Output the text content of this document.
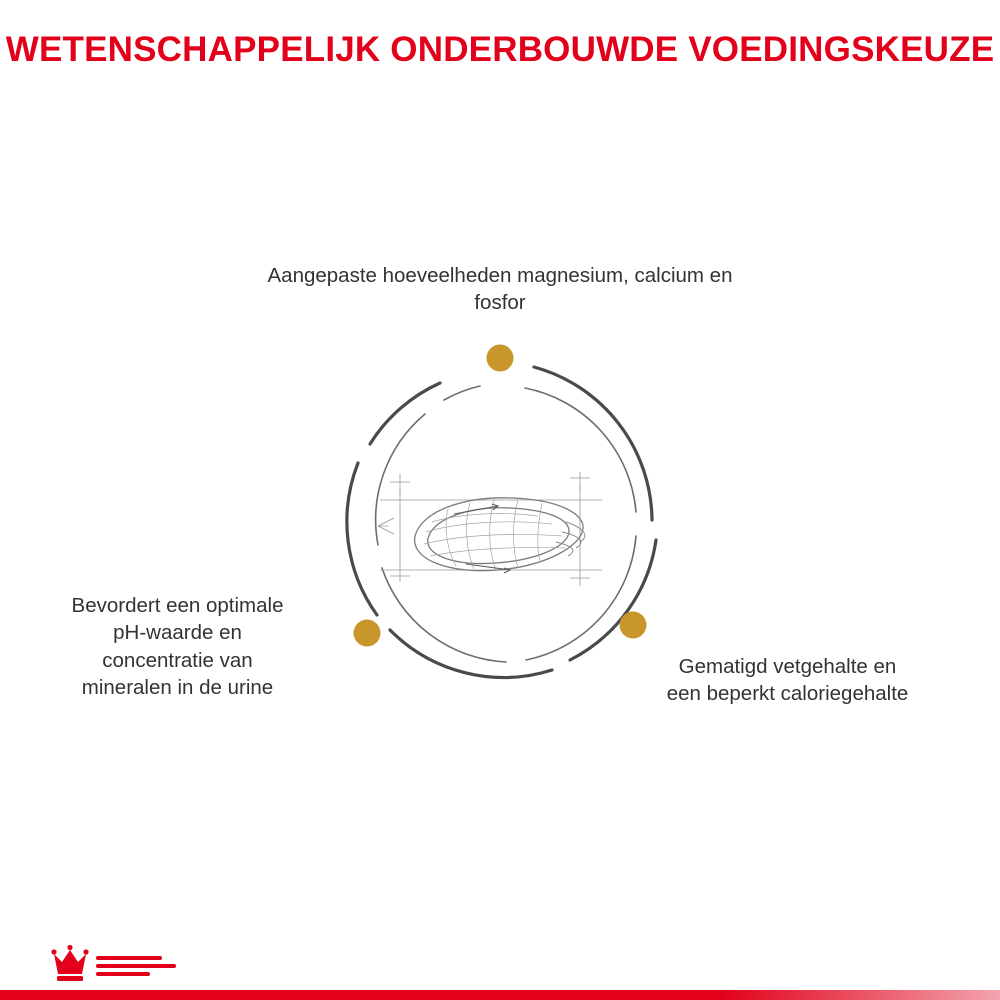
WETENSCHAPPELIJK ONDERBOUWDE VOEDINGSKEUZE
Aangepaste hoeveelheden magnesium, calcium en fosfor
Bevordert een optimale pH-waarde en concentratie van mineralen in de urine
Gematigd vetgehalte en een beperkt caloriegehalte
